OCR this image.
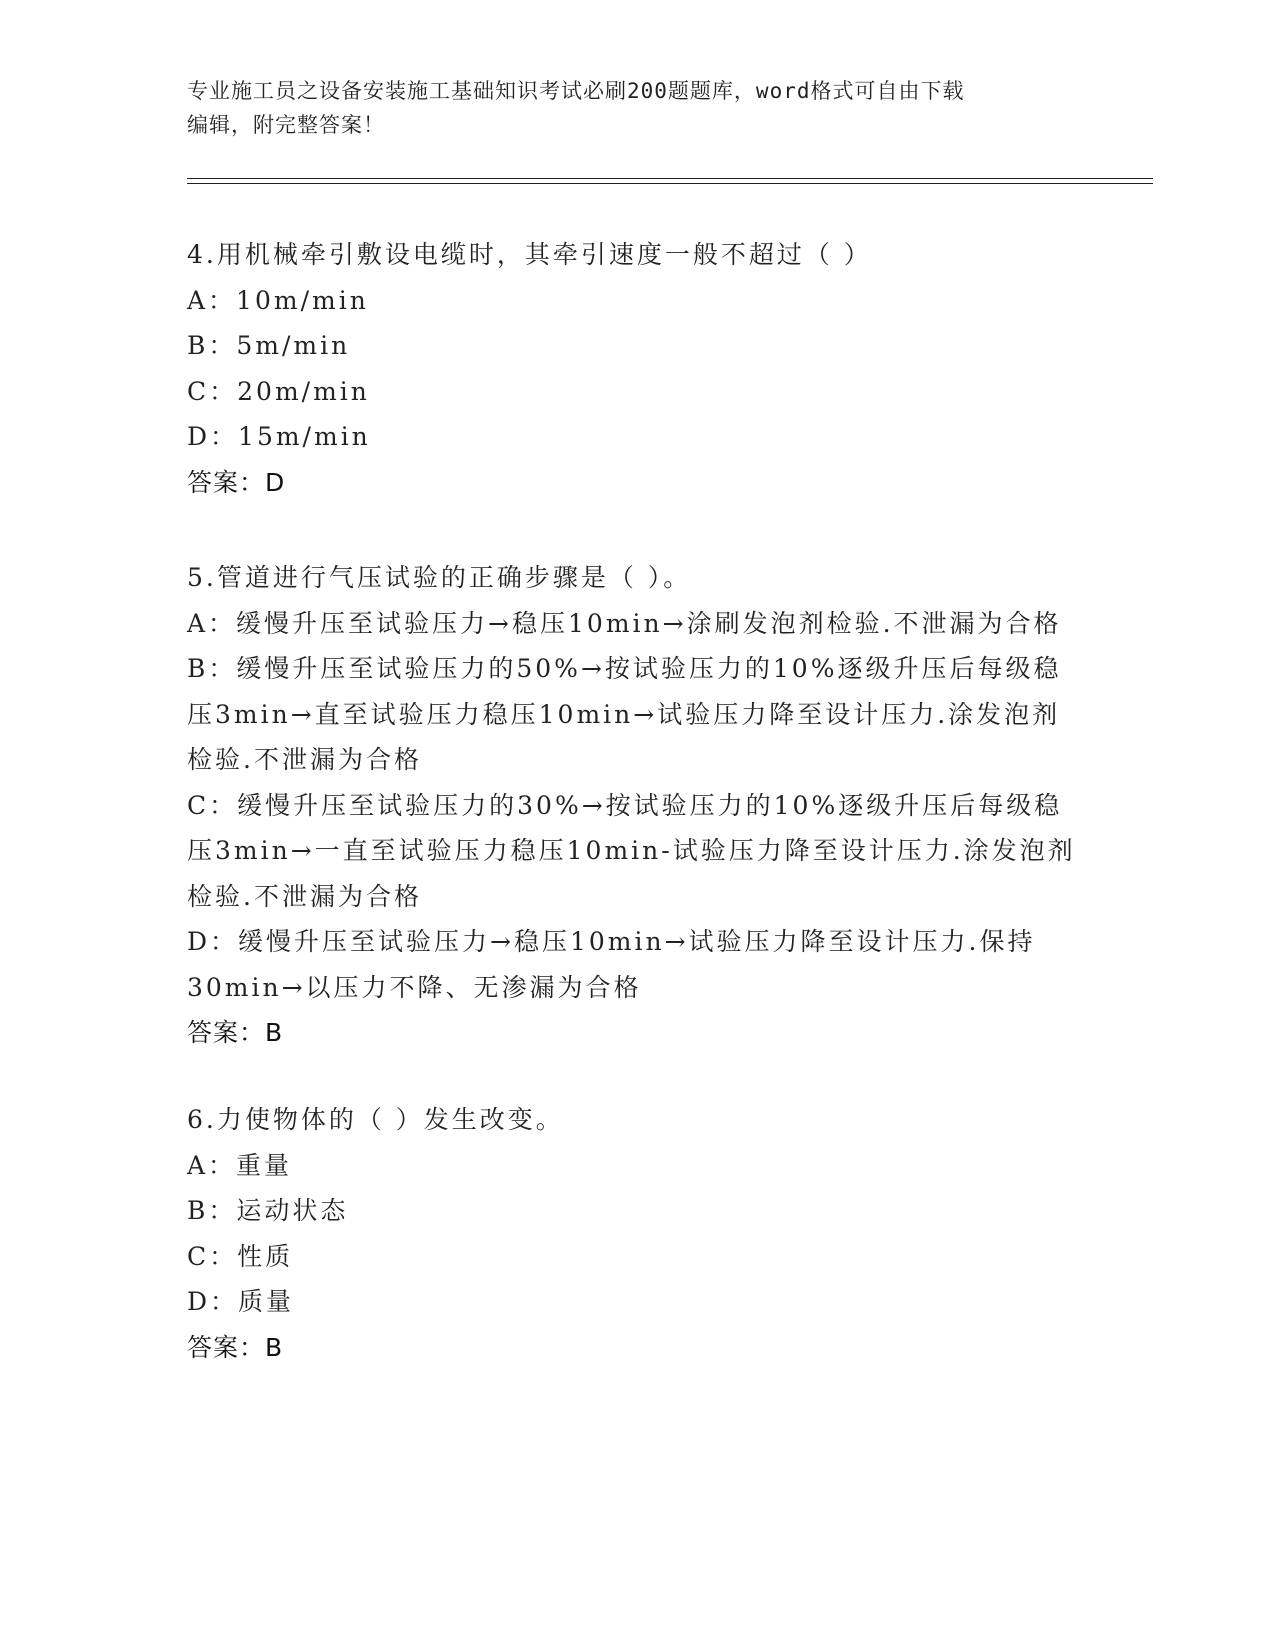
专业施工员之设备安装施工基础知识考试必刷200题题库，word格式可自由下载
编辑，附完整答案！
4.用机械牵引敷设电缆时，其牵引速度一般不超过（ ）
A：10m/min
B：5m/min
C：20m/min
D：15m/min
答案：D
5.管道进行气压试验的正确步骤是（ ）。
A：缓慢升压至试验压力→稳压10min→涂刷发泡剂检验.不泄漏为合格
B：缓慢升压至试验压力的50%→按试验压力的10%逐级升压后每级稳压3min→直至试验压力稳压10min→试验压力降至设计压力.涂发泡剂检验.不泄漏为合格
C：缓慢升压至试验压力的30%→按试验压力的10%逐级升压后每级稳压3min→一直至试验压力稳压10min-试验压力降至设计压力.涂发泡剂检验.不泄漏为合格
D：缓慢升压至试验压力→稳压10min→试验压力降至设计压力.保持30min→以压力不降、无渗漏为合格
答案：B
6.力使物体的（ ）发生改变。
A：重量
B：运动状态
C：性质
D：质量
答案：B
